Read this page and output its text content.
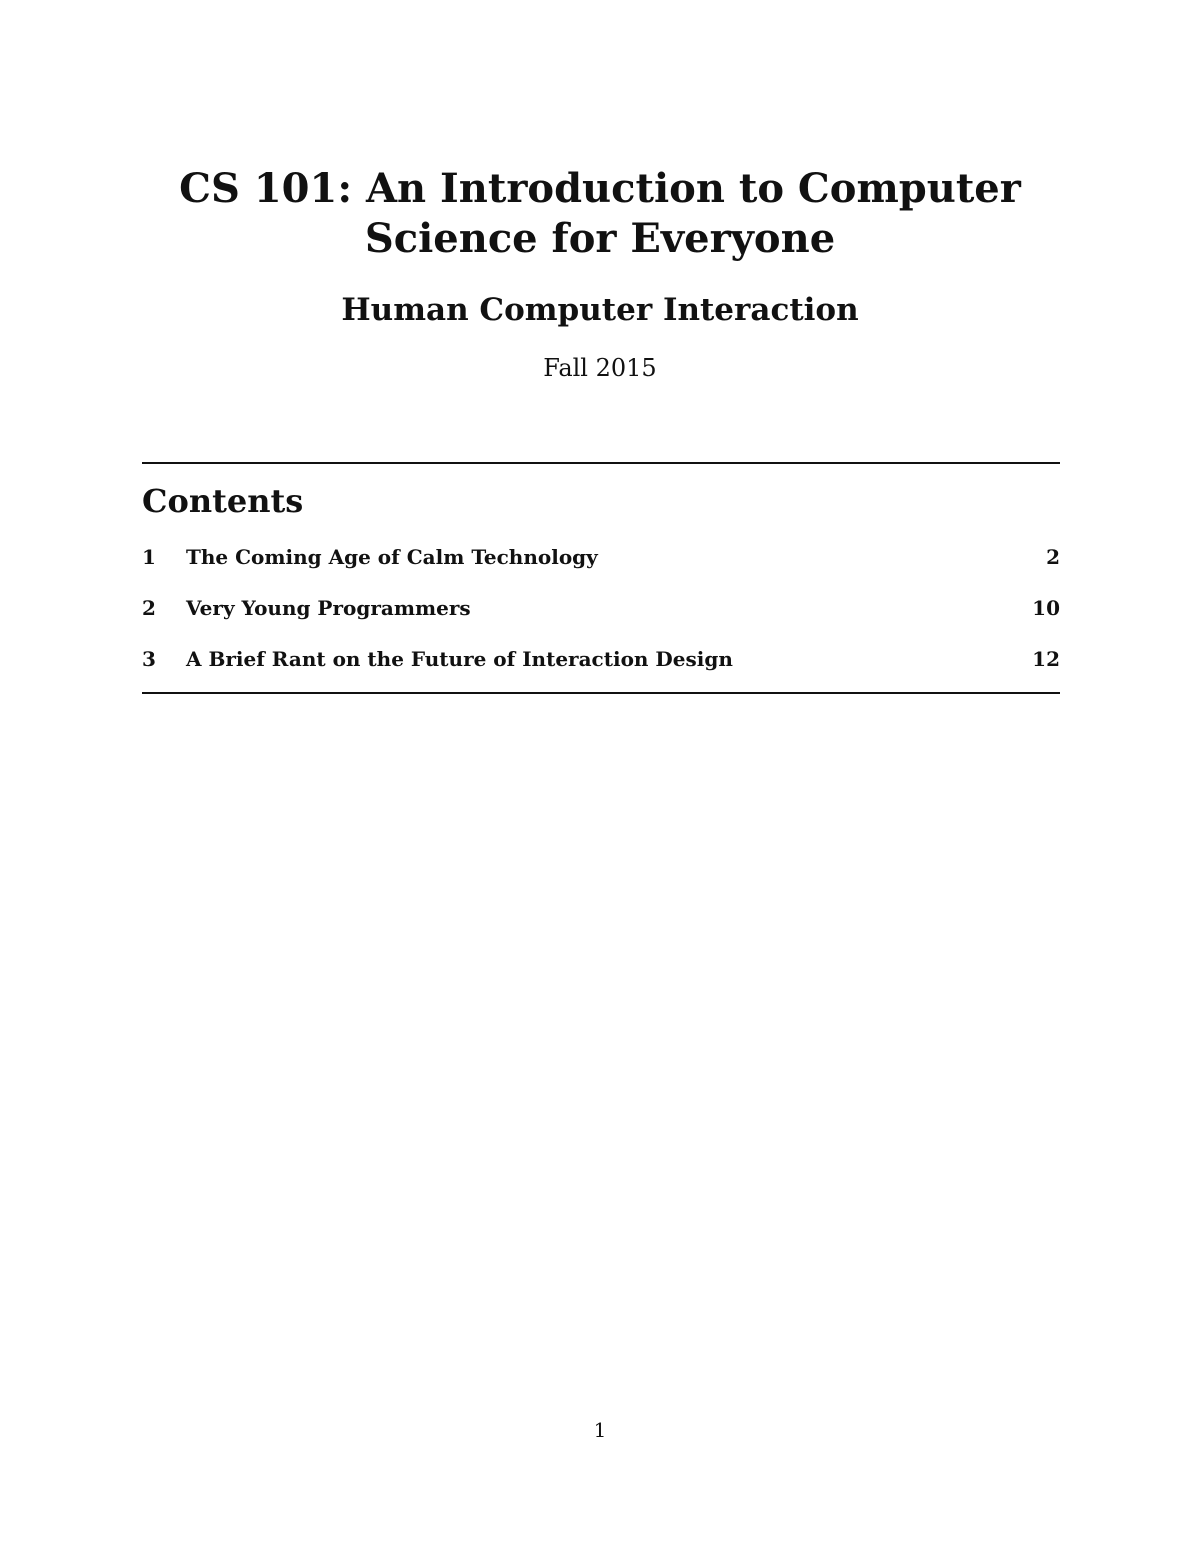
CS 101: An Introduction to Computer
Science for Everyone
Human Computer Interaction
Fall 2015
Contents
1 The Coming Age of Calm Technology	2
2 Very Young Programmers	10
3 A Brief Rant on the Future of Interaction Design	12
1
